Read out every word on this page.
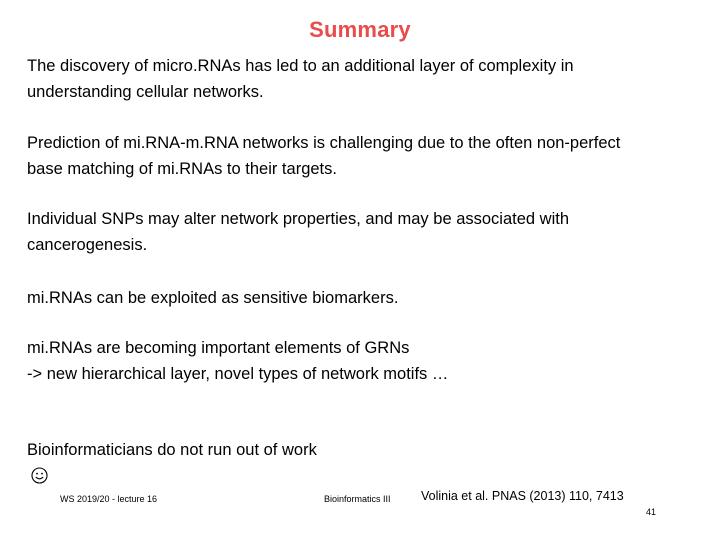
Summary
The discovery of micro.RNAs has led to an additional layer of complexity in
understanding cellular networks.
Prediction of mi.RNA-m.RNA networks is challenging due to the often non-perfect
base matching of mi.RNAs to their targets.
Individual SNPs may alter network properties, and may be associated with
cancerogenesis.
mi.RNAs can be exploited as sensitive biomarkers.
mi.RNAs are becoming important elements of GRNs
-> new hierarchical layer, novel types of network motifs …

Bioinformaticians do not run out of work

WS 2019/20 - lecture 16	Bioinformatics III Volinia et al. PNAS (2013) 110, 7413
41
